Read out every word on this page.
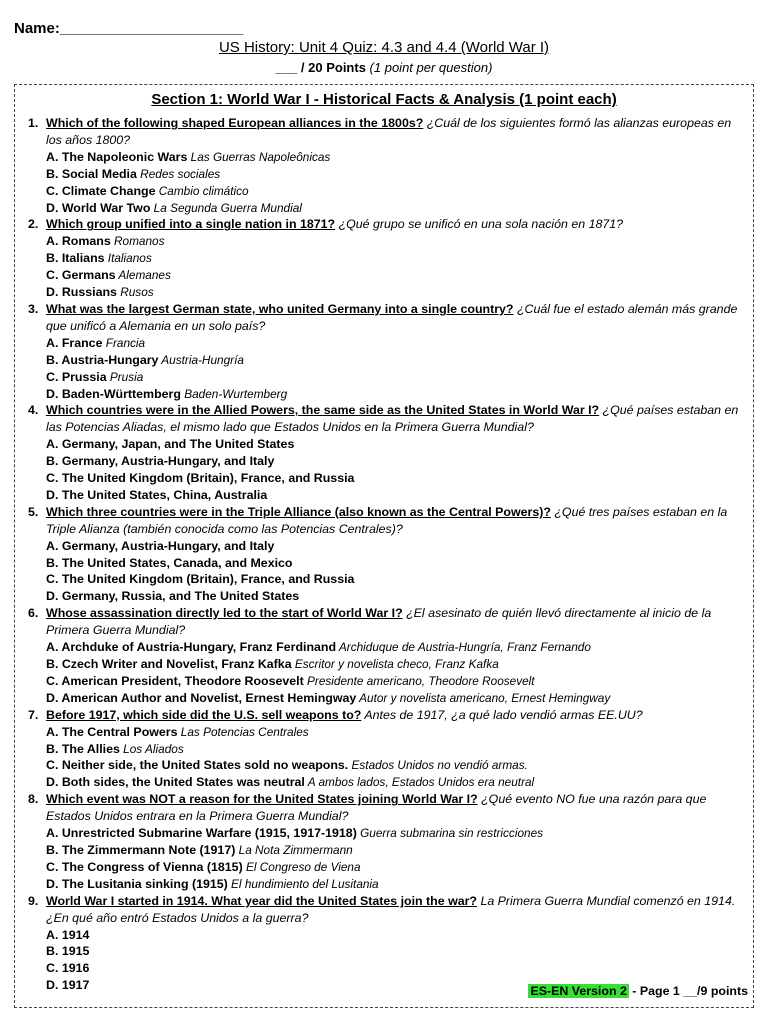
Name:______________________
US History: Unit 4 Quiz: 4.3 and 4.4 (World War I)
___ / 20 Points (1 point per question)
Section 1: World War I - Historical Facts & Analysis (1 point each)
1. Which of the following shaped European alliances in the 1800s? ¿Cuál de los siguientes formó las alianzas europeas en los años 1800?
A. The Napoleonic Wars Las Guerras Napoleônicas
B. Social Media Redes sociales
C. Climate Change Cambio climático
D. World War Two La Segunda Guerra Mundial
2. Which group unified into a single nation in 1871? ¿Qué grupo se unificó en una sola nación en 1871?
A. Romans Romanos
B. Italians Italianos
C. Germans Alemanes
D. Russians Rusos
3. What was the largest German state, who united Germany into a single country? ¿Cuál fue el estado alemán más grande que unificó a Alemania en un solo país?
A. France Francia
B. Austria-Hungary Austria-Hungría
C. Prussia Prusia
D. Baden-Württemberg Baden-Wurtemberg
4. Which countries were in the Allied Powers, the same side as the United States in World War I? ¿Qué países estaban en las Potencias Aliadas, el mismo lado que Estados Unidos en la Primera Guerra Mundial?
A. Germany, Japan, and The United States
B. Germany, Austria-Hungary, and Italy
C. The United Kingdom (Britain), France, and Russia
D. The United States, China, Australia
5. Which three countries were in the Triple Alliance (also known as the Central Powers)? ¿Qué tres países estaban en la Triple Alianza (también conocida como las Potencias Centrales)?
A. Germany, Austria-Hungary, and Italy
B. The United States, Canada, and Mexico
C. The United Kingdom (Britain), France, and Russia
D. Germany, Russia, and The United States
6. Whose assassination directly led to the start of World War I? ¿El asesinato de quién llevó directamente al inicio de la Primera Guerra Mundial?
A. Archduke of Austria-Hungary, Franz Ferdinand Archiduque de Austria-Hungría, Franz Fernando
B. Czech Writer and Novelist, Franz Kafka Escritor y novelista checo, Franz Kafka
C. American President, Theodore Roosevelt Presidente americano, Theodore Roosevelt
D. American Author and Novelist, Ernest Hemingway Autor y novelista americano, Ernest Hemingway
7. Before 1917, which side did the U.S. sell weapons to? Antes de 1917, ¿a qué lado vendió armas EE.UU?
A. The Central Powers Las Potencias Centrales
B. The Allies Los Aliados
C. Neither side, the United States sold no weapons. Estados Unidos no vendió armas.
D. Both sides, the United States was neutral A ambos lados, Estados Unidos era neutral
8. Which event was NOT a reason for the United States joining World War I? ¿Qué evento NO fue una razón para que Estados Unidos entrara en la Primera Guerra Mundial?
A. Unrestricted Submarine Warfare (1915, 1917-1918) Guerra submarina sin restricciones
B. The Zimmermann Note (1917) La Nota Zimmermann
C. The Congress of Vienna (1815) El Congreso de Viena
D. The Lusitania sinking (1915) El hundimiento del Lusitania
9. World War I started in 1914. What year did the United States join the war? La Primera Guerra Mundial comenzó en 1914. ¿En qué año entró Estados Unidos a la guerra?
A. 1914
B. 1915
C. 1916
D. 1917	ES-EN Version 2 - Page 1 __/9 points
